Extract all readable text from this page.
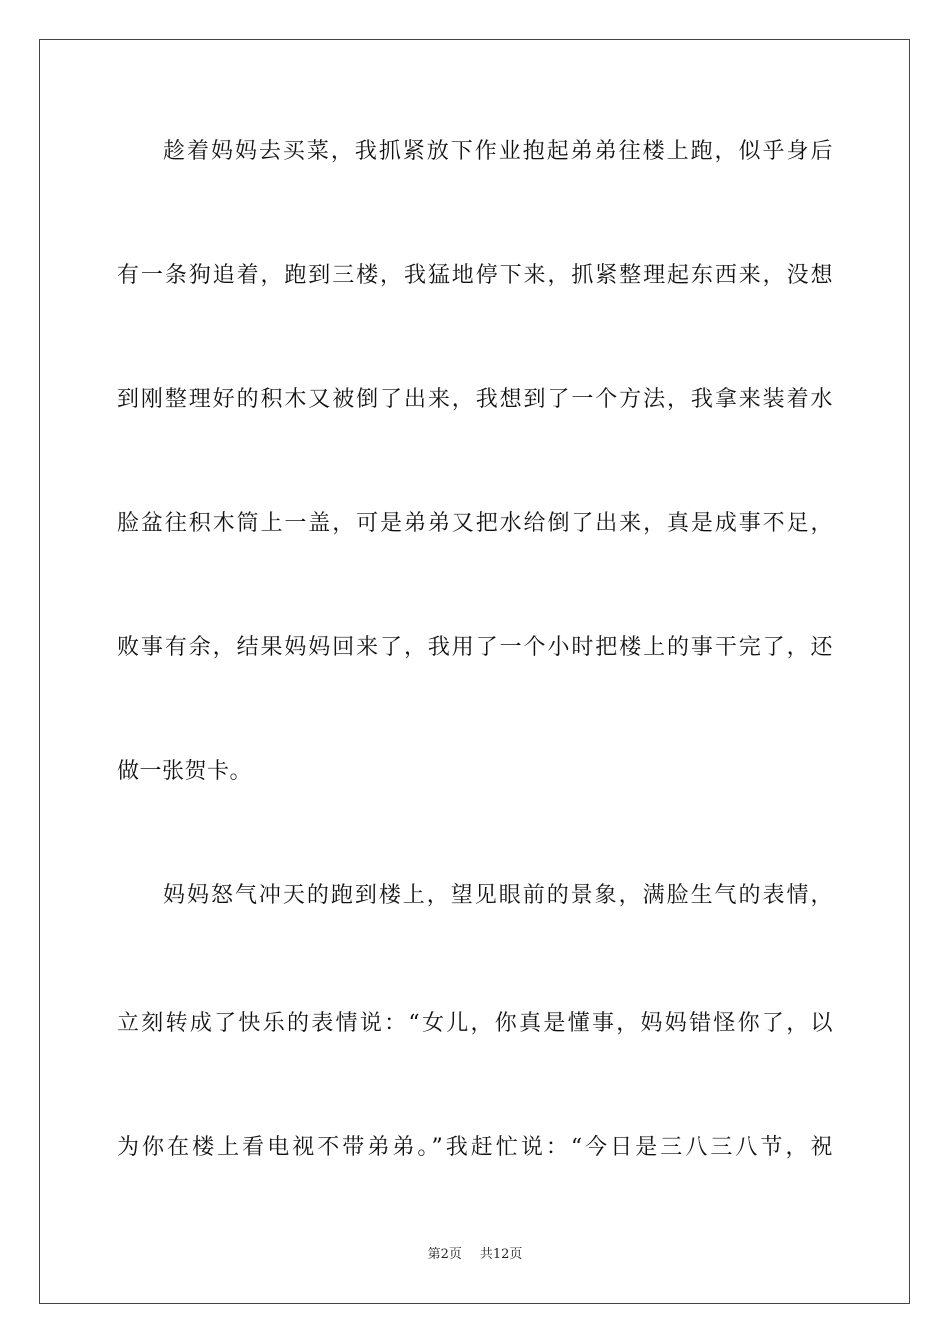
趁着妈妈去买菜，我抓紧放下作业抱起弟弟往楼上跑，似乎身后
有一条狗追着，跑到三楼，我猛地停下来，抓紧整理起东西来，没想
到刚整理好的积木又被倒了出来，我想到了一个方法，我拿来装着水
脸盆往积木筒上一盖，可是弟弟又把水给倒了出来，真是成事不足，
败事有余，结果妈妈回来了，我用了一个小时把楼上的事干完了，还
做一张贺卡。
妈妈怒气冲天的跑到楼上，望见眼前的景象，满脸生气的表情，
立刻转成了快乐的表情说：“女儿，你真是懂事，妈妈错怪你了，以
为你在楼上看电视不带弟弟。”我赶忙说：“今日是三八三八节，祝
第2页 共12页
